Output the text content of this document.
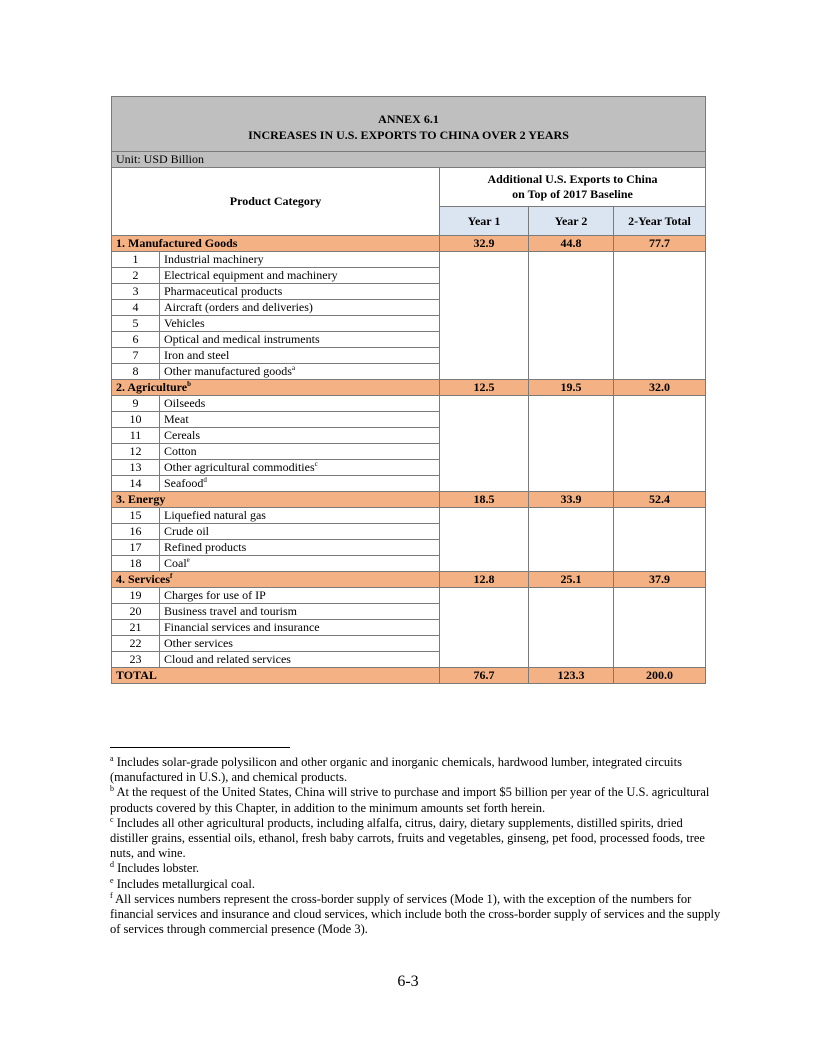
ANNEX 6.1
INCREASES IN U.S. EXPORTS TO CHINA OVER 2 YEARS				

Unit: USD Billion				
Product Category		Additional U.S. Exports to China
on Top of 2017 Baseline		

		Year 1	Year 2	2-Year Total
1. Manufactured Goods		32.9	44.8	77.7
1	Industrial machinery			
2	Electrical equipment and machinery			
3	Pharmaceutical products			
4	Aircraft (orders and deliveries)			
5	Vehicles			
6	Optical and medical instruments			
7	Iron and steel			
8	Other manufactured goods$^a$
2. Agriculture$^b$		12.5	19.5	32.0
9	Oilseeds			
10	Meat			
11	Cereals			
12	Cotton			
13	Other agricultural commodities$^c$
14	Seafood$^d$
3. Energy		18.5	33.9	52.4
15	Liquefied natural gas			
16	Crude oil			
17	Refined products			
18	Coal$^e$
4. Services$^f$		12.8	25.1	37.9
19	Charges for use of IP			
20	Business travel and tourism			
21	Financial services and insurance			
22	Other services			
23	Cloud and related services			
TOTAL		76.7	123.3	200.0

$^a$ Includes solar-grade polysilicon and other organic and inorganic chemicals, hardwood lumber, integrated circuits (manufactured in U.S.), and chemical products.

$^b$ At the request of the United States, China will strive to purchase and import $5 billion per year of the U.S. agricultural products covered by this Chapter, in addition to the minimum amounts set forth herein.

$^c$ Includes all other agricultural products, including alfalfa, citrus, dairy, dietary supplements, distilled spirits, dried distiller grains, essential oils, ethanol, fresh baby carrots, fruits and vegetables, ginseng, pet food, processed foods, tree nuts, and wine.

$^d$ Includes lobster.

$^e$ Includes metallurgical coal.

$^f$ All services numbers represent the cross-border supply of services (Mode 1), with the exception of the numbers for financial services and insurance and cloud services, which include both the cross-border supply of services and the supply of services through commercial presence (Mode 3).

6-3
